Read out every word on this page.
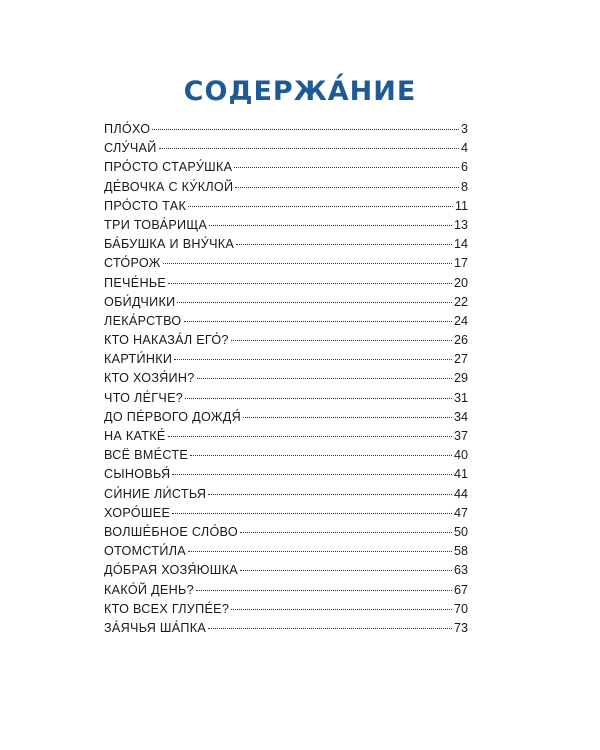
СОДЕРЖА́НИЕ
ПЛО́ХО	3
СЛУ́ЧАЙ	4
ПРО́СТО СТАРУ́ШКА	6
ДЕ́ВОЧКА С КУ́КЛОЙ	8
ПРО́СТО ТАК	11
ТРИ ТОВА́РИЩА	13
БА́БУШКА И ВНУ́ЧКА	14
СТО́РОЖ	17
ПЕЧЕ́НЬЕ	20
ОБИ́ДЧИКИ	22
ЛЕКА́РСТВО	24
КТО НАКАЗА́Л ЕГО́?	26
КАРТИ́НКИ	27
КТО ХОЗЯ́ИН?	29
ЧТО ЛЕ́ГЧЕ?	31
ДО ПЕ́РВОГО ДОЖДЯ́	34
НА КАТКЕ́	37
ВСЁ ВМЕ́СТЕ	40
СЫНОВЬЯ́	41
СИ́НИЕ ЛИ́СТЬЯ	44
ХОРО́ШЕЕ	47
ВОЛШЕ́БНОЕ СЛО́ВО	50
ОТОМСТИ́ЛА	58
ДО́БРАЯ ХОЗЯ́ЮШКА	63
КАКО́Й ДЕНЬ?	67
КТО ВСЕХ ГЛУПЕ́Е?	70
ЗА́ЯЧЬЯ ША́ПКА	73
